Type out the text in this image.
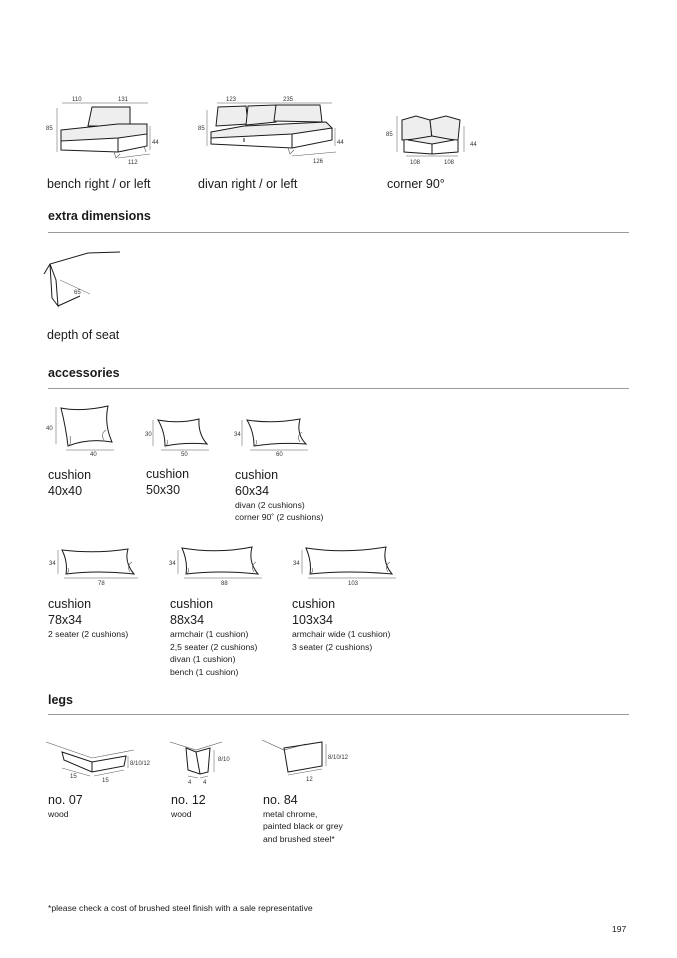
110	131
85
44
112
bench right / or left
123	235
85
44
126
divan right / or left
85
44
108	108
corner 90°
extra dimensions
65
depth of seat
accessories
40
40
cushion
40x40
30
50
cushion
50x30
34
60
cushion
60x34
divan (2 cushions)
corner 90˚ (2 cushions)
34
78
cushion
78x34
2 seater (2 cushions)
34
88
cushion
88x34
armchair (1 cushion)
2,5 seater (2 cushions)
divan (1 cushion)
bench (1 cushion)
34
103
cushion
103x34
armchair wide (1 cushion)
3 seater (2 cushions)
legs
8/10/12
15
15
no. 07
wood
8/10
4 4
no. 12
wood
8/10/12
12
no. 84
metal chrome,
painted black or grey
and brushed steel*
*please check a cost of brushed steel finish with a sale representative
197
